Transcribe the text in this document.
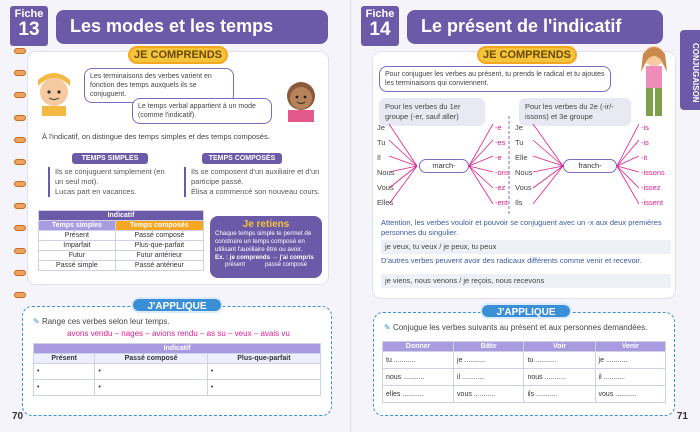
Fiche
13	Les modes et les temps
JE COMPRENDS
Les terminaisons des verbes varient en fonction des temps auxquels ils se conjuguent.
Le temps verbal appartient à un mode (comme l'indicatif).
À l'indicatif, on distingue des temps simples et des temps composés.
TEMPS SIMPLES
Ils se conjuguent simplement (en un seul mot).
Lucas part en vacances.
TEMPS COMPOSÉS
Ils se composent d'un auxiliaire et d'un participe passé.
Élisa a commencé son nouveau cours.
Indicatif	
Temps simples	Temps composés
Présent	Passé composé
Imparfait	Plus-que-parfait
Futur	Futur antérieur
Passé simple	Passé antérieur
Je retiens
Chaque temps simple te permet de construire un temps composé en utilisant l'auxiliaire être ou avoir.
Ex. : je comprends → j'ai compris
présent	passé composé
✎ Range ces verbes selon leur temps.
avons vendu – nages – avions rendu – as su – veux – avais vu
Indicatif		
Présent	Passé composé	Plus-que-parfait
•	•	•
•	•	•
J'APPLIQUE
70
Fiche
14	Le présent de l'indicatif
CONJUGAISON
JE COMPRENDS
Pour conjuguer les verbes au présent, tu prends le radical et tu ajoutes les terminaisons qui conviennent.
Pour les verbes du 1er groupe (-er, sauf aller)
Pour les verbes du 2e (-ir/-issons) et 3e groupe
march-	franch-
Je
Tu
Il
Nous
Vous
Elles
-e
-es
-e
-ons
-ez
-ent
Je
Tu
Elle
Nous
Vous
Ils
-is
-is
-it
-issons
-issez
-issent
Attention, les verbes vouloir et pouvoir se conjuguent avec un -x aux deux premières personnes du singulier.
je veux, tu veux / je peux, tu peux
D'autres verbes peuvent avoir des radicaux différents comme venir et recevoir.
je viens, nous venons / je reçois, nous recevons
✎ Conjugue les verbes suivants au présent et aux personnes demandées.
Donner	Bâtir	Voir	Venir
tu ...........	je ...........	tu ...........	je ...........
nous ...........	il ...........	nous ...........	il ...........
elles ...........	vous ...........	ils ...........	vous ...........
J'APPLIQUE
71
